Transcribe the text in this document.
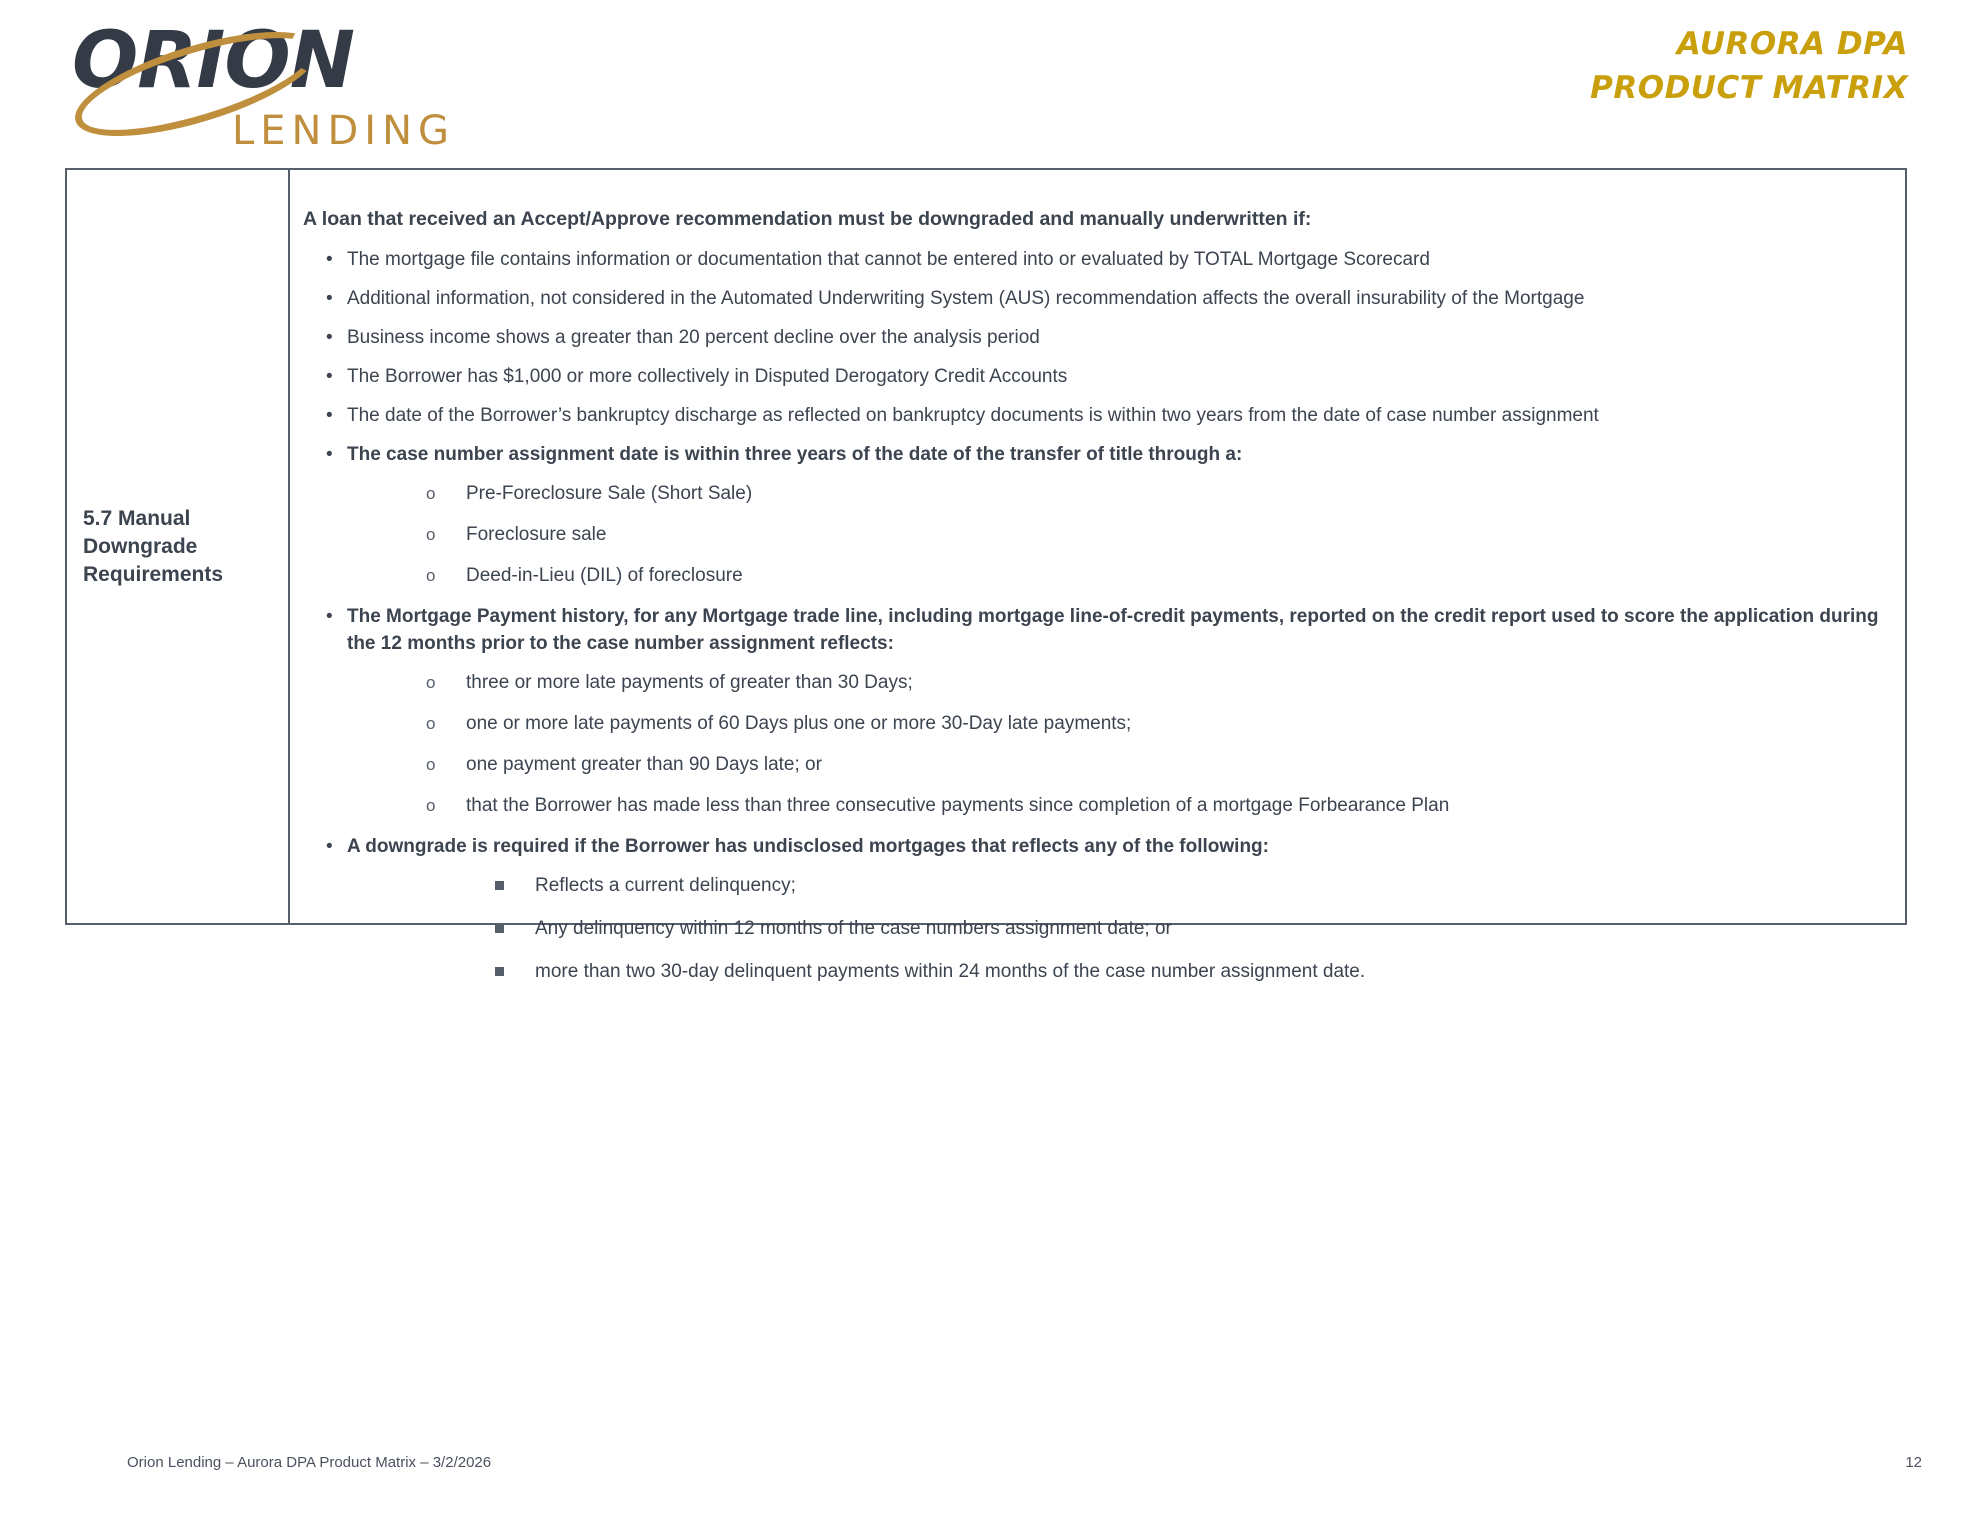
ORION
LENDING
AURORA DPA
PRODUCT MATRIX
5.7 Manual Downgrade Requirements

A loan that received an Accept/Approve recommendation must be downgraded and manually underwritten if:

• The mortgage file contains information or documentation that cannot be entered into or evaluated by TOTAL Mortgage Scorecard
• Additional information, not considered in the Automated Underwriting System (AUS) recommendation affects the overall insurability of the Mortgage
• Business income shows a greater than 20 percent decline over the analysis period
• The Borrower has $1,000 or more collectively in Disputed Derogatory Credit Accounts
• The date of the Borrower’s bankruptcy discharge as reflected on bankruptcy documents is within two years from the date of case number assignment
• The case number assignment date is within three years of the date of the transfer of title through a:
o Pre-Foreclosure Sale (Short Sale)
o Foreclosure sale
o Deed-in-Lieu (DIL) of foreclosure
• The Mortgage Payment history, for any Mortgage trade line, including mortgage line-of-credit payments, reported on the credit report used to score the application during the 12 months prior to the case number assignment reflects:
o three or more late payments of greater than 30 Days;
o one or more late payments of 60 Days plus one or more 30-Day late payments;
o one payment greater than 90 Days late; or
o that the Borrower has made less than three consecutive payments since completion of a mortgage Forbearance Plan
• A downgrade is required if the Borrower has undisclosed mortgages that reflects any of the following:
Reflects a current delinquency;
Any delinquency within 12 months of the case numbers assignment date; or
more than two 30-day delinquent payments within 24 months of the case number assignment date.
Orion Lending – Aurora DPA Product Matrix – 3/2/2026	12
